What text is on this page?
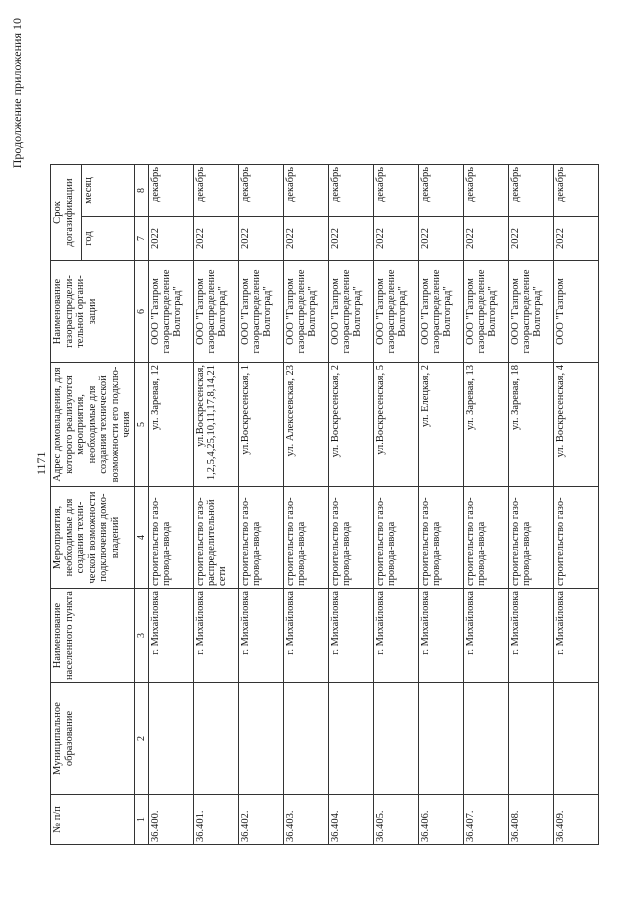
1171
Продолжение приложения 10
№ п/п	Муниципальное образование	Наименование населенного пункта	Мероприятия, необходимые для создания техни-ческой возможности подключения домо-владений	Адрес домовладения, для которого реализуются мероприятия, необходимые для создания технической возможности его подклю-чения	Наименование газораспредели-тельной органи-зации	Срок догазификации	
						год	месяц
1	2	3	4	5	6	7	8
36.400.		г. Михайловка	строительство газо-провода-ввода	ул. Заревая, 12	ООО "Газпром газораспределение Волгоград"	2022	декабрь
36.401.		г. Михайловка	строительство газо-распределительной сети	ул.Воскресенская, 1,2,5,4,25,10,11,17,8,14,21	ООО "Газпром газораспределение Волгоград"	2022	декабрь
36.402.		г. Михайловка	строительство газо-провода-ввода	ул.Воскресенская, 1	ООО "Газпром газораспределение Волгоград"	2022	декабрь
36.403.		г. Михайловка	строительство газо-провода-ввода	ул. Алексеевская, 23	ООО "Газпром газораспределение Волгоград"	2022	декабрь
36.404.		г. Михайловка	строительство газо-провода-ввода	ул. Воскресенская, 2	ООО "Газпром газораспределение Волгоград"	2022	декабрь
36.405.		г. Михайловка	строительство газо-провода-ввода	ул.Воскресенская, 5	ООО "Газпром газораспределение Волгоград"	2022	декабрь
36.406.		г. Михайловка	строительство газо-провода-ввода	ул. Елецкая, 2	ООО "Газпром газораспределение Волгоград"	2022	декабрь
36.407.		г. Михайловка	строительство газо-провода-ввода	ул. Заревая, 13	ООО "Газпром газораспределение Волгоград"	2022	декабрь
36.408.		г. Михайловка	строительство газо-провода-ввода	ул. Заревая, 18	ООО "Газпром газораспределение Волгоград"	2022	декабрь
36.409.		г. Михайловка	строительство газо-	ул. Воскресенская, 4	ООО "Газпром	2022	декабрь
